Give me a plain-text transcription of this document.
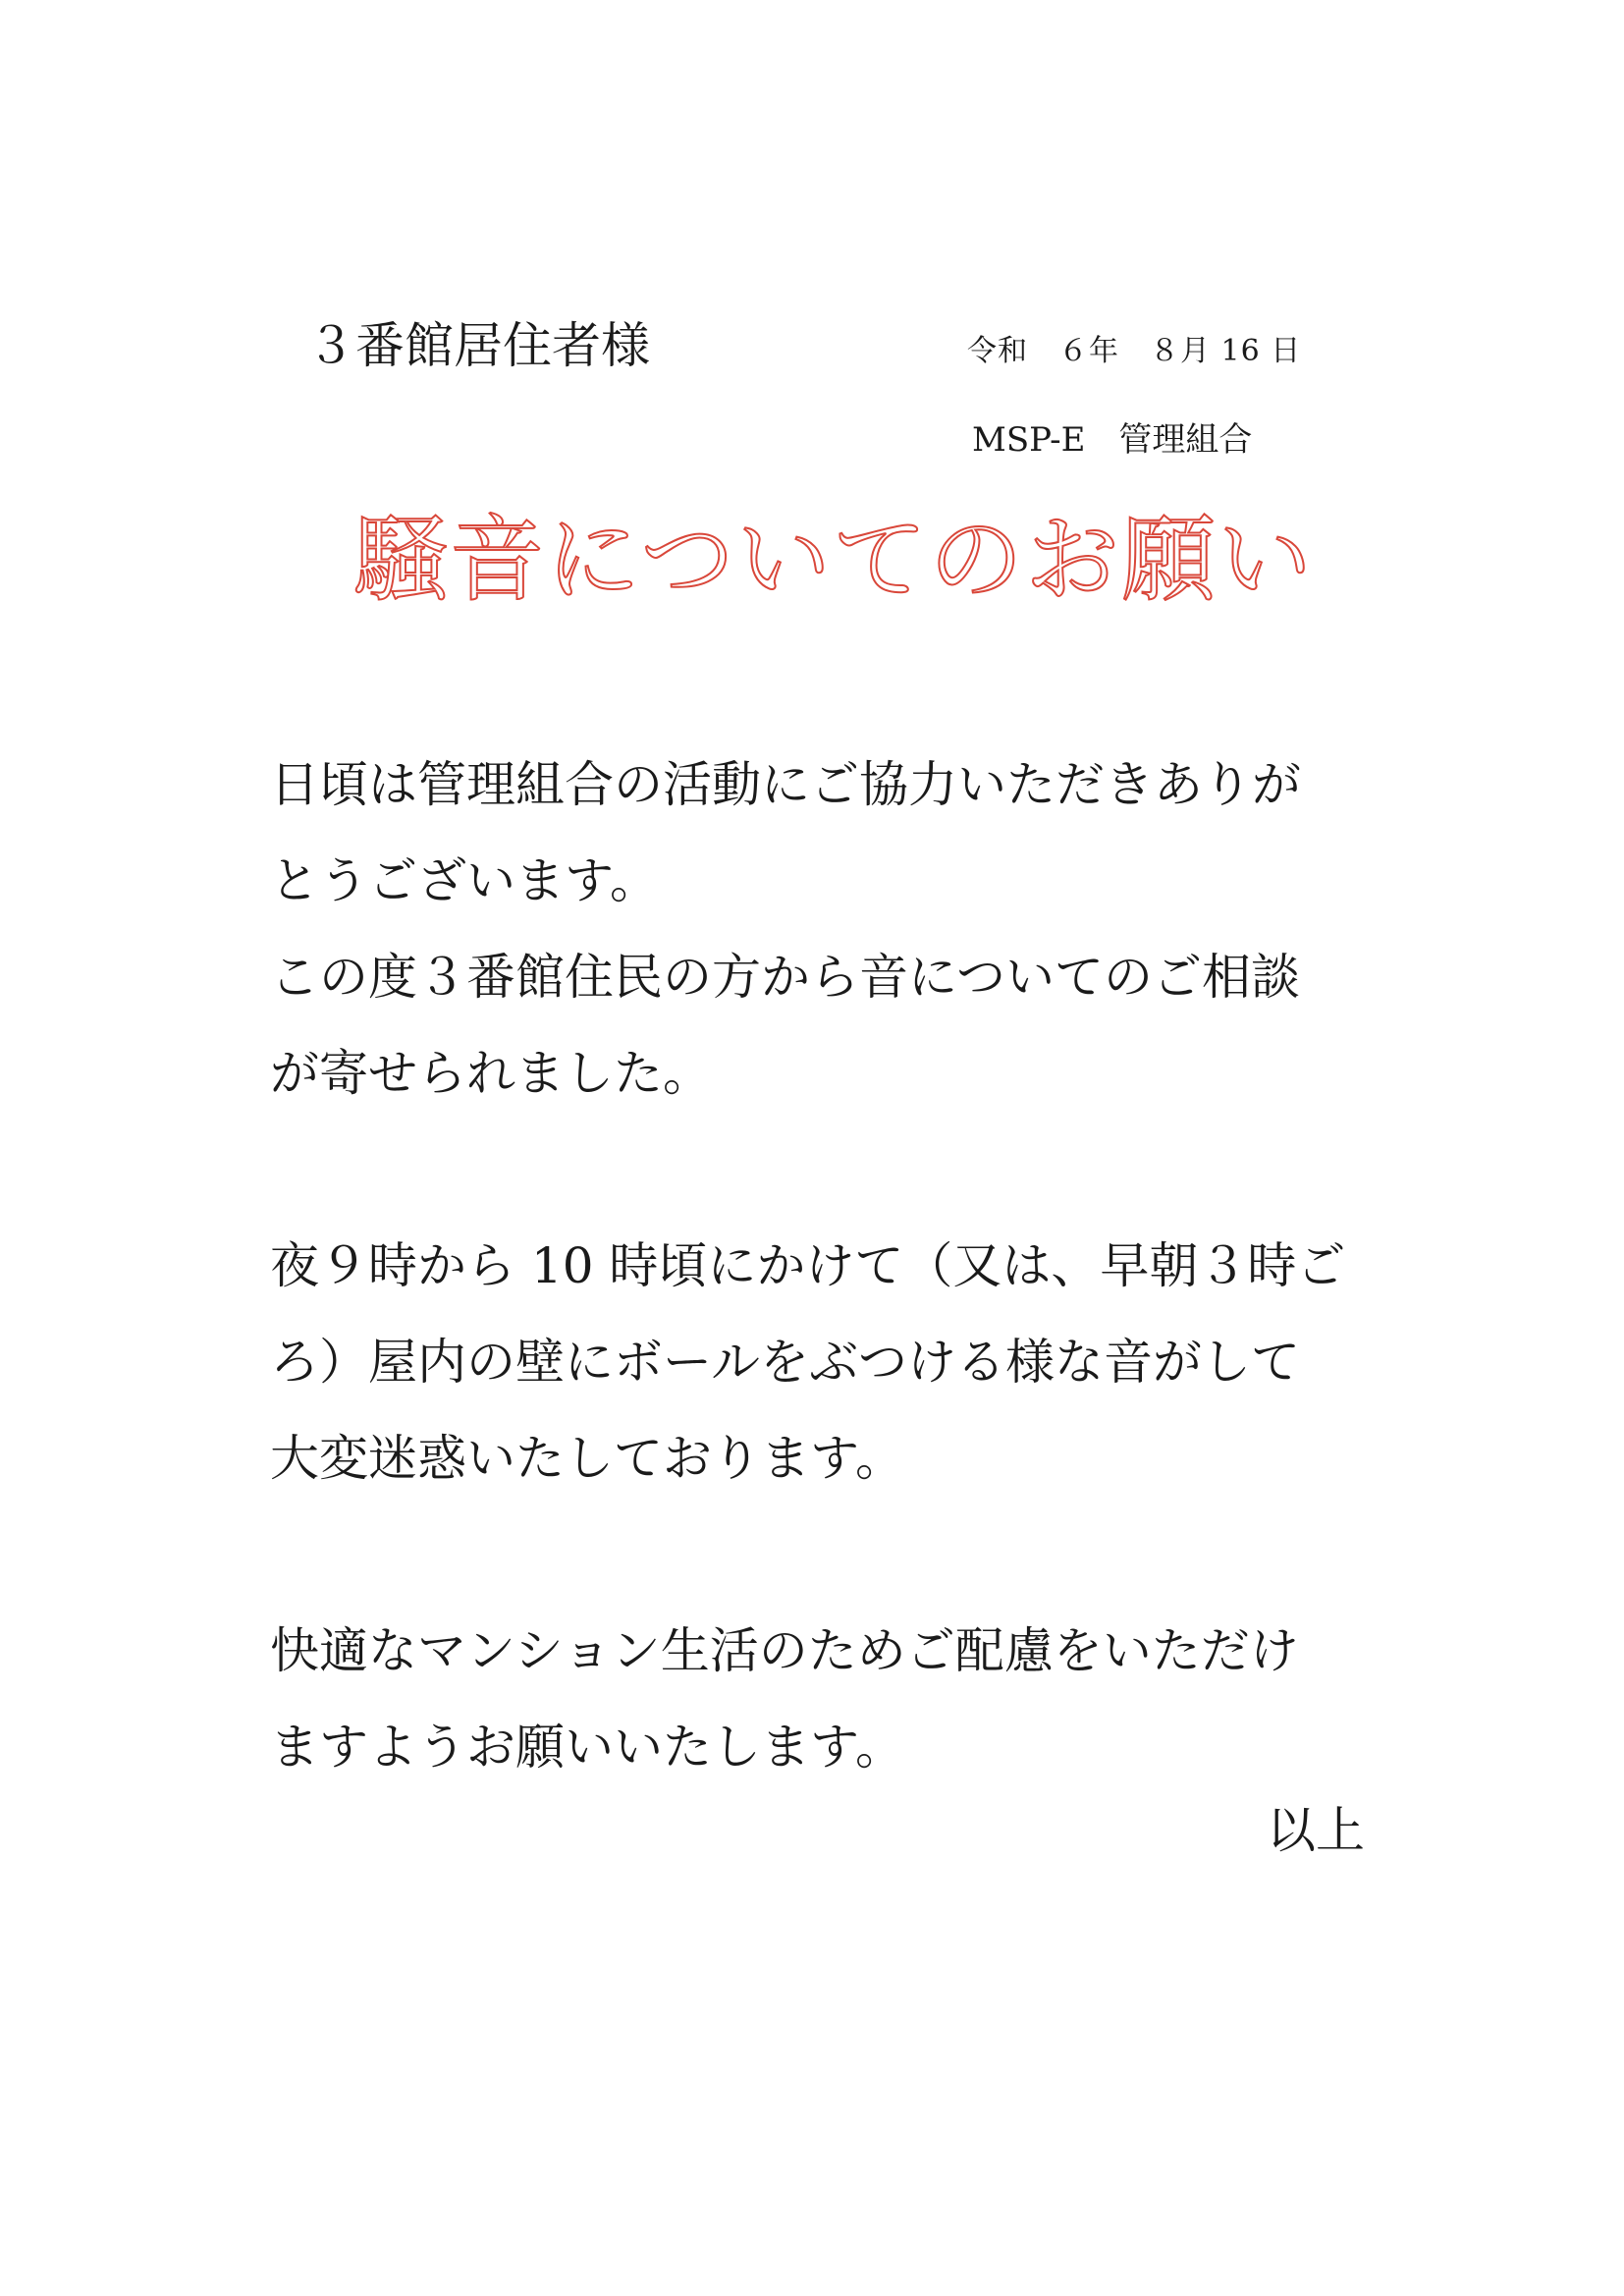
３番館居住者様	令和　６年　８月 16 日
MSP-E　管理組合
騒音についてのお願い
日頃は管理組合の活動にご協力いただきありが
とうございます。
この度３番館住民の方から音についてのご相談
が寄せられました。
夜９時から 10 時頃にかけて（又は、早朝３時ご
ろ）屋内の壁にボールをぶつける様な音がして
大変迷惑いたしております。
快適なマンション生活のためご配慮をいただけ
ますようお願いいたします。
以上
